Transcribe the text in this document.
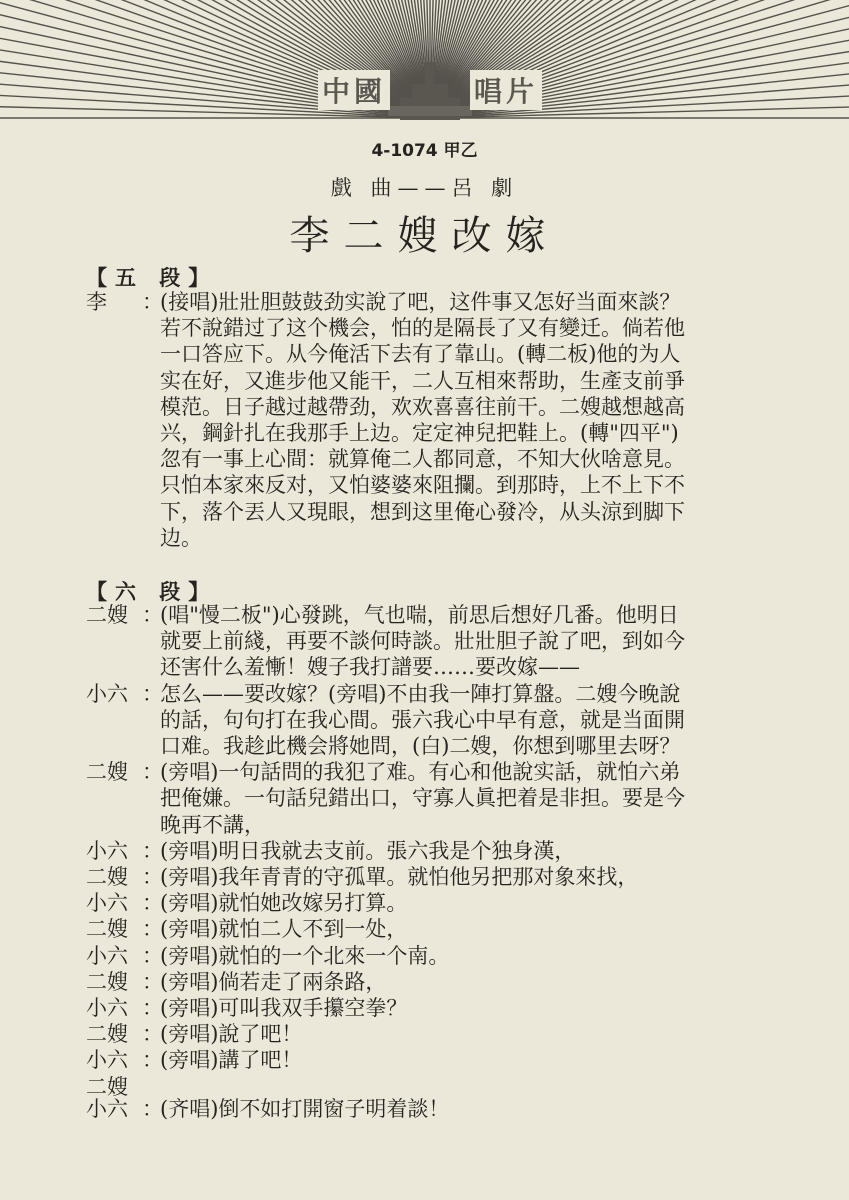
中國	唱片
4-1074 甲乙
戲 曲——呂 劇
李二嫂改嫁
【五 段】
李 ：
(接唱)壯壯胆鼓鼓劲实說了吧，这件事又怎好当面來談？
若不說錯过了这个機会，怕的是隔長了又有變迁。倘若他
一口答应下。从今俺活下去有了靠山。(轉二板)他的为人
实在好，又進步他又能干，二人互相來帮助，生產支前爭
模范。日子越过越帶劲，欢欢喜喜往前干。二嫂越想越高
兴，鋼針扎在我那手上边。定定神兒把鞋上。(轉"四平")
忽有一事上心間：就算俺二人都同意，不知大伙啥意見。
只怕本家來反对，又怕婆婆來阻攔。到那時，上不上下不
下，落个丟人又現眼，想到这里俺心發冷，从头涼到脚下
边。
【六 段】
二嫂 ：
(唱"慢二板")心發跳，气也喘，前思后想好几番。他明日
就要上前綫，再要不談何時談。壯壯胆子說了吧，到如今
还害什么羞慚！嫂子我打譜要……要改嫁——
小六 ：
怎么——要改嫁？(旁唱)不由我一陣打算盤。二嫂今晚說
的話，句句打在我心間。張六我心中早有意，就是当面開
口难。我趁此機会將她問，(白)二嫂，你想到哪里去呀？
二嫂 ：
(旁唱)一句話問的我犯了难。有心和他說实話，就怕六弟
把俺嫌。一句話兒錯出口，守寡人眞把着是非担。要是今
晚再不講，
小六 ：
(旁唱)明日我就去支前。張六我是个独身漢，
二嫂 ：
(旁唱)我年青青的守孤單。就怕他另把那对象來找，
小六 ：
(旁唱)就怕她改嫁另打算。
二嫂 ：
(旁唱)就怕二人不到一处，
小六 ：
(旁唱)就怕的一个北來一个南。
二嫂 ：
(旁唱)倘若走了兩条路，
小六 ：
(旁唱)可叫我双手攥空拳？
二嫂 ：
(旁唱)說了吧！
小六 ：
(旁唱)講了吧！
二嫂
小六 ：
(齐唱)倒不如打開窗子明着談！
